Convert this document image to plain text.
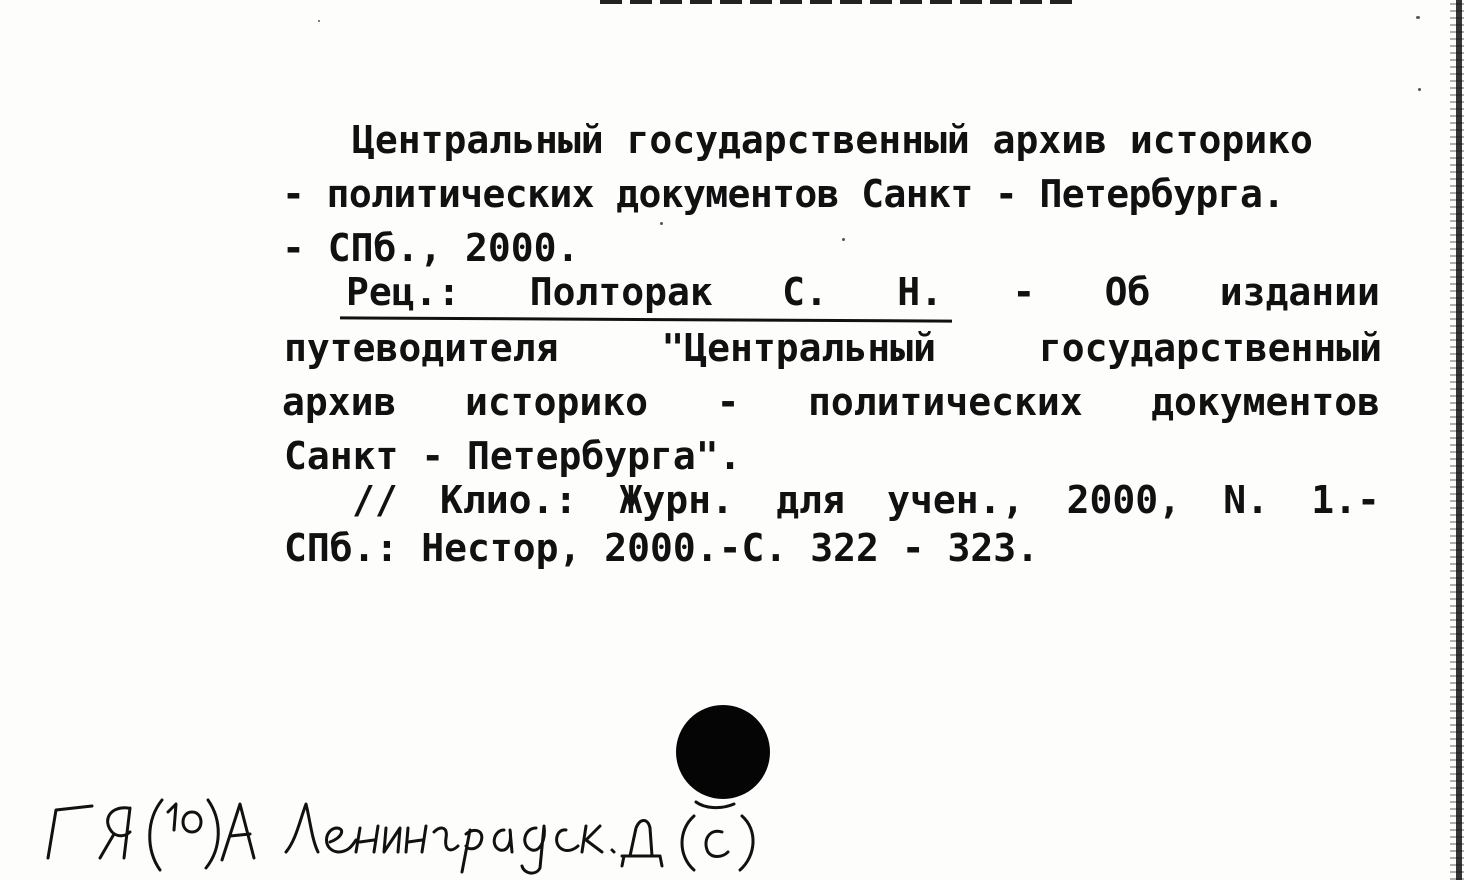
Центральный государственный архив историко
- политических документов Санкт - Петербурга.
- СПб., 2000.
Рец.: Полторак С. Н. - Об издании
путеводителя	"Центральный	государственный
архив историко - политических документов
Санкт - Петербурга".
// Клио.: Журн. для учен., 2000, N. 1.-
СПб.: Нестор, 2000.-С. 322 - 323.
